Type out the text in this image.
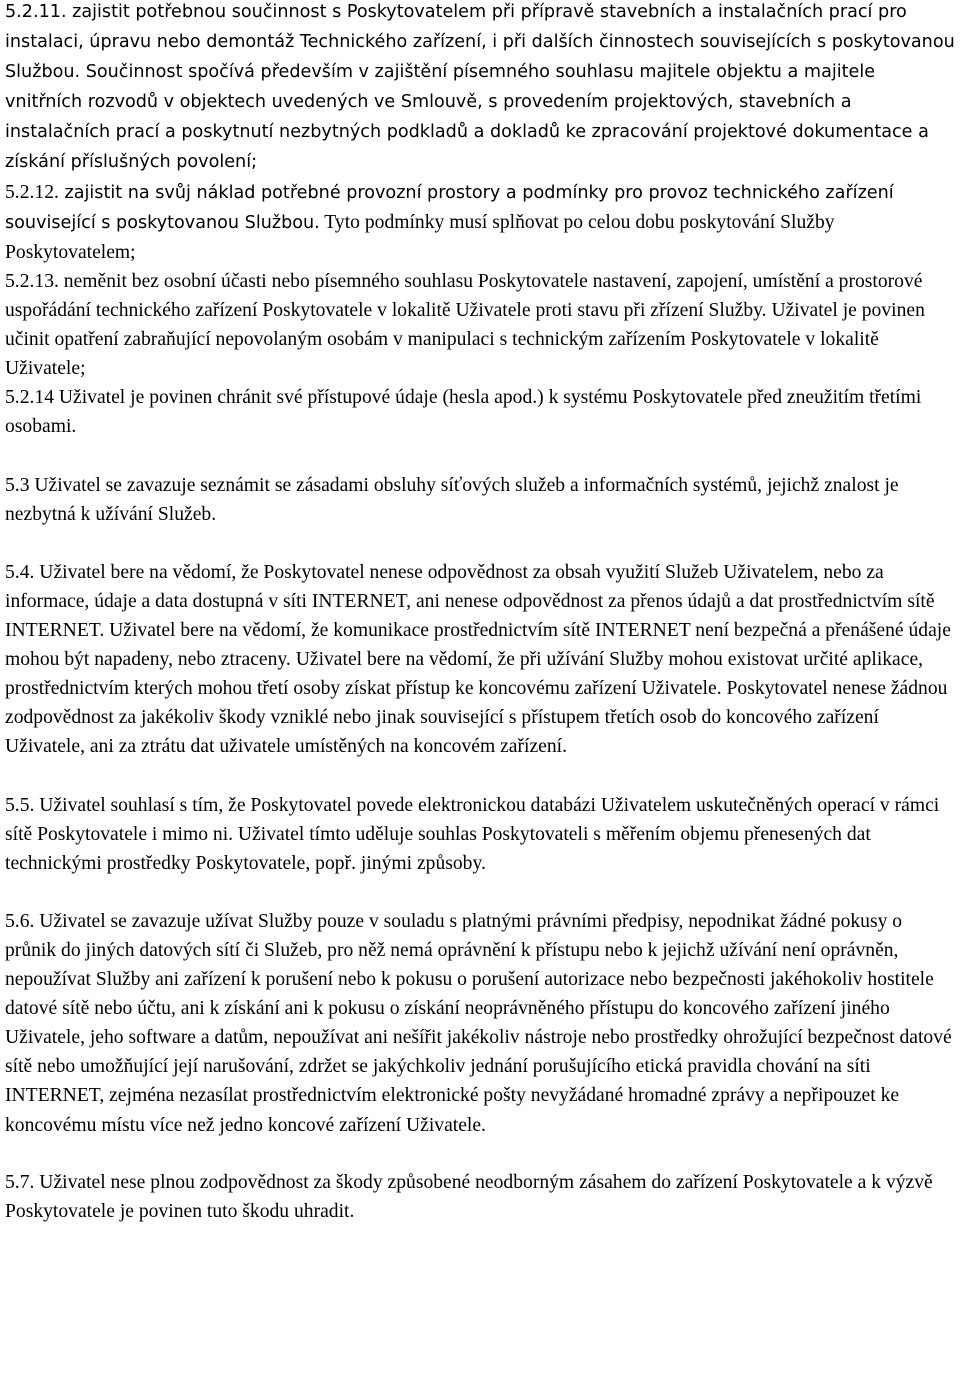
5.2.11. zajistit potřebnou součinnost s Poskytovatelem při přípravě stavebních a instalačních prací pro instalaci, úpravu nebo demontáž Technického zařízení, i při dalších činnostech souvisejících s poskytovanou Službou. Součinnost spočívá především v zajištění písemného souhlasu majitele objektu a majitele vnitřních rozvodů v objektech uvedených ve Smlouvě, s provedením projektových, stavebních a instalačních prací a poskytnutí nezbytných podkladů a dokladů ke zpracování projektové dokumentace a získání příslušných povolení;

5.2.12. zajistit na svůj náklad potřebné provozní prostory a podmínky pro provoz technického zařízení související s poskytovanou Službou. Tyto podmínky musí splňovat po celou dobu poskytování Služby Poskytovatelem;

5.2.13. neměnit bez osobní účasti nebo písemného souhlasu Poskytovatele nastavení, zapojení, umístění a prostorové uspořádání technického zařízení Poskytovatele v lokalitě Uživatele proti stavu při zřízení Služby. Uživatel je povinen učinit opatření zabraňující nepovolaným osobám v manipulaci s technickým zařízením Poskytovatele v lokalitě Uživatele;

5.2.14 Uživatel je povinen chránit své přístupové údaje (hesla apod.) k systému Poskytovatele před zneužitím třetími osobami.

5.3 Uživatel se zavazuje seznámit se zásadami obsluhy síťových služeb a informačních systémů, jejichž znalost je nezbytná k užívání Služeb.

5.4. Uživatel bere na vědomí, že Poskytovatel nenese odpovědnost za obsah využití Služeb Uživatelem, nebo za informace, údaje a data dostupná v síti INTERNET, ani nenese odpovědnost za přenos údajů a dat prostřednictvím sítě INTERNET. Uživatel bere na vědomí, že komunikace prostřednictvím sítě INTERNET není bezpečná a přenášené údaje mohou být napadeny, nebo ztraceny. Uživatel bere na vědomí, že při užívání Služby mohou existovat určité aplikace, prostřednictvím kterých mohou třetí osoby získat přístup ke koncovému zařízení Uživatele. Poskytovatel nenese žádnou zodpovědnost za jakékoliv škody vzniklé nebo jinak související s přístupem třetích osob do koncového zařízení Uživatele, ani za ztrátu dat uživatele umístěných na koncovém zařízení.

5.5. Uživatel souhlasí s tím, že Poskytovatel povede elektronickou databázi Uživatelem uskutečněných operací v rámci sítě Poskytovatele i mimo ni. Uživatel tímto uděluje souhlas Poskytovateli s měřením objemu přenesených dat technickými prostředky Poskytovatele, popř. jinými způsoby.

5.6. Uživatel se zavazuje užívat Služby pouze v souladu s platnými právními předpisy, nepodnikat žádné pokusy o průnik do jiných datových sítí či Služeb, pro něž nemá oprávnění k přístupu nebo k jejichž užívání není oprávněn, nepoužívat Služby ani zařízení k porušení nebo k pokusu o porušení autorizace nebo bezpečnosti jakéhokoliv hostitele datové sítě nebo účtu, ani k získání ani k pokusu o získání neoprávněného přístupu do koncového zařízení jiného Uživatele, jeho software a datům, nepoužívat ani nešířit jakékoliv nástroje nebo prostředky ohrožující bezpečnost datové sítě nebo umožňující její narušování, zdržet se jakýchkoliv jednání porušujícího etická pravidla chování na síti INTERNET, zejména nezasílat prostřednictvím elektronické pošty nevyžádané hromadné zprávy a nepřipouzet ke koncovému místu více než jedno koncové zařízení Uživatele.

5.7. Uživatel nese plnou zodpovědnost za škody způsobené neodborným zásahem do zařízení Poskytovatele a k výzvě Poskytovatele je povinen tuto škodu uhradit.
